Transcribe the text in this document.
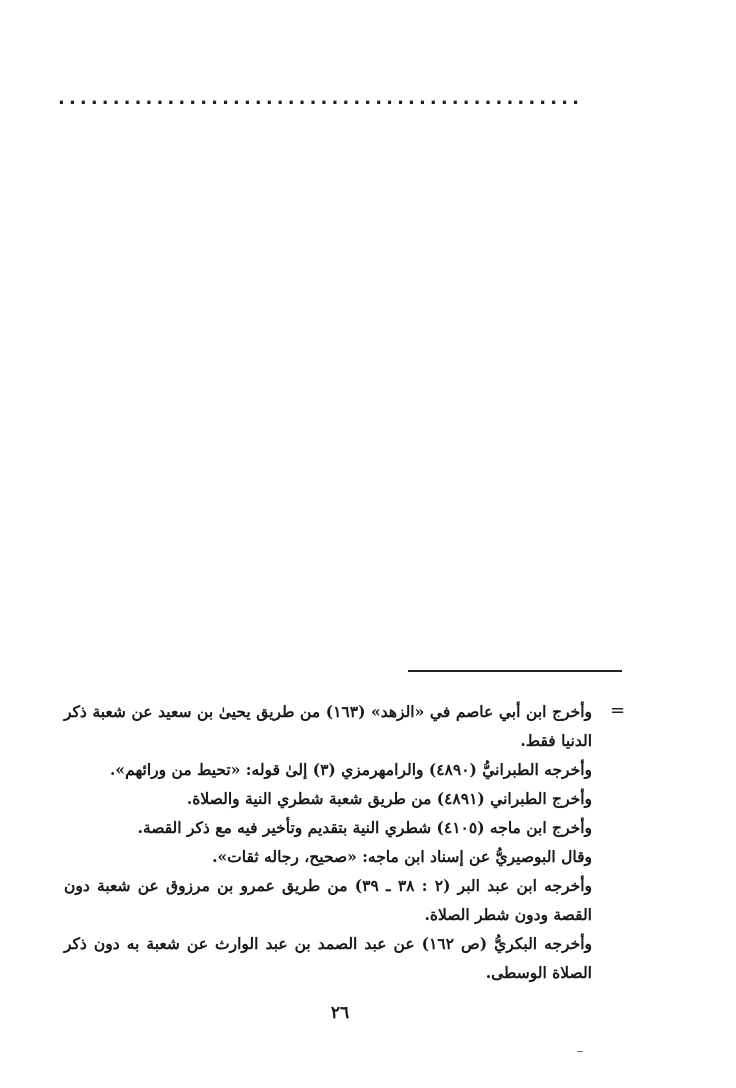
................................................
=

وأخرج ابن أبي عاصم في «الزهد» (١٦٣) من طريق يحيىٰ بن سعيد عن شعبة ذكر الدنيا فقط.

وأخرجه الطبرانيُّ (٤٨٩٠) والرامهرمزي (٣) إلىٰ قوله: «تحيط من ورائهم».

وأخرج الطبراني (٤٨٩١) من طريق شعبة شطري النية والصلاة.

وأخرج ابن ماجه (٤١٠٥) شطري النية بتقديم وتأخير فيه مع ذكر القصة.

وقال البوصيريُّ عن إسناد ابن ماجه: «صحيح، رجاله ثقات».

وأخرجه ابن عبد البر (٢ : ٣٨ ـ ٣٩) من طريق عمرو بن مرزوق عن شعبة دون القصة ودون شطر الصلاة.

وأخرجه البكريُّ (ص ١٦٢) عن عبد الصمد بن عبد الوارث عن شعبة به دون ذكر الصلاة الوسطى.

٢٦
